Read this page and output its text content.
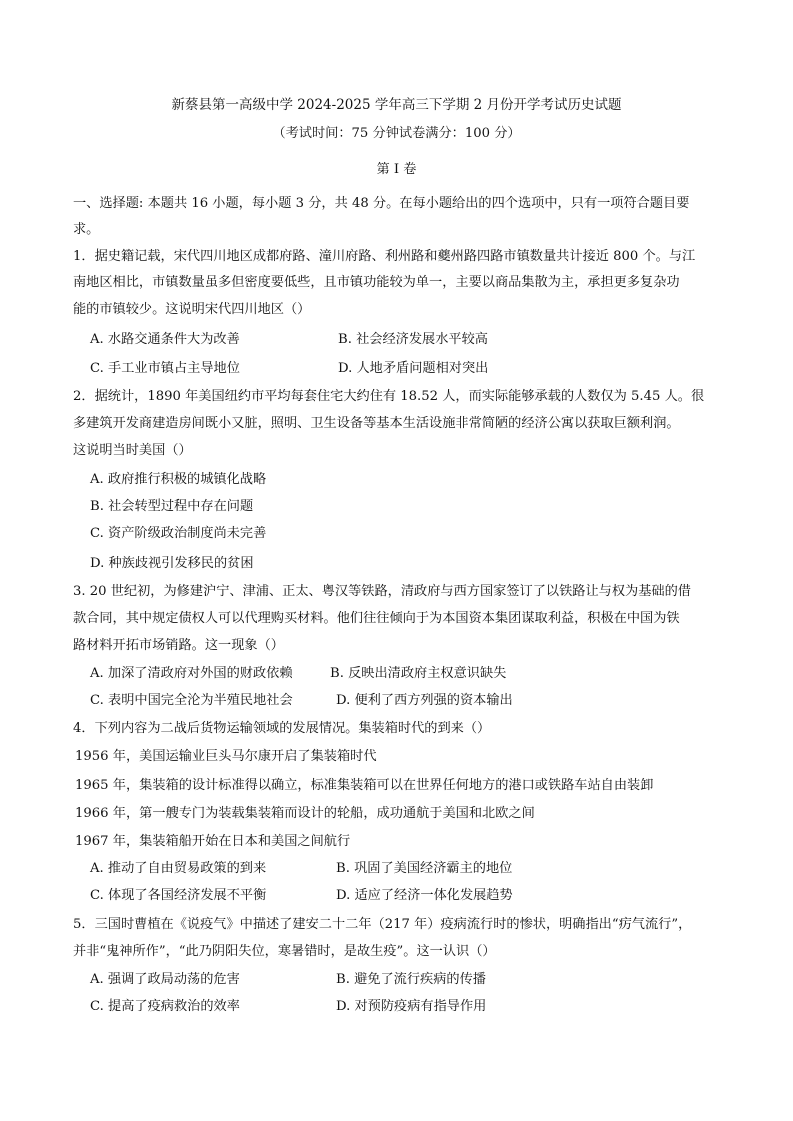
新蔡县第一高级中学 2024-2025 学年高三下学期 2 月份开学考试历史试题
（考试时间：75 分钟试卷满分：100 分）
第 I 卷
一、选择题: 本题共 16 小题，每小题 3 分，共 48 分。在每小题给出的四个选项中，只有一项符合题目要
求。
1．据史籍记载，宋代四川地区成都府路、潼川府路、利州路和夔州路四路市镇数量共计接近 800 个。与江
南地区相比，市镇数量虽多但密度要低些，且市镇功能较为单一，主要以商品集散为主，承担更多复杂功
能的市镇较少。这说明宋代四川地区（）
A. 水路交通条件大为改善	B. 社会经济发展水平较高
C. 手工业市镇占主导地位	D. 人地矛盾问题相对突出
2．据统计，1890 年美国纽约市平均每套住宅大约住有 18.52 人，而实际能够承载的人数仅为 5.45 人。很
多建筑开发商建造房间既小又脏，照明、卫生设备等基本生活设施非常简陋的经济公寓以获取巨额利润。
这说明当时美国（）
A. 政府推行积极的城镇化战略
B. 社会转型过程中存在问题
C. 资产阶级政治制度尚未完善
D. 种族歧视引发移民的贫困
3. 20 世纪初，为修建沪宁、津浦、正太、粤汉等铁路，清政府与西方国家签订了以铁路让与权为基础的借
款合同，其中规定债权人可以代理购买材料。他们往往倾向于为本国资本集团谋取利益，积极在中国为铁
路材料开拓市场销路。这一现象（）
A. 加深了清政府对外国的财政依赖	B. 反映出清政府主权意识缺失
C. 表明中国完全沦为半殖民地社会	D. 便利了西方列强的资本输出
4．下列内容为二战后货物运输领域的发展情况。集装箱时代的到来（）
1956 年，美国运输业巨头马尔康开启了集装箱时代
1965 年，集装箱的设计标准得以确立，标准集装箱可以在世界任何地方的港口或铁路车站自由装卸
1966 年，第一艘专门为装载集装箱而设计的轮船，成功通航于美国和北欧之间
1967 年，集装箱船开始在日本和美国之间航行
A. 推动了自由贸易政策的到来	B. 巩固了美国经济霸主的地位
C. 体现了各国经济发展不平衡	D. 适应了经济一体化发展趋势
5．三国时曹植在《说疫气》中描述了建安二十二年（217 年）疫病流行时的惨状，明确指出“疠气流行”，
并非“鬼神所作”，“此乃阴阳失位，寒暑错时，是故生疫”。这一认识（）
A. 强调了政局动荡的危害	B. 避免了流行疾病的传播
C. 提高了疫病救治的效率	D. 对预防疫病有指导作用
